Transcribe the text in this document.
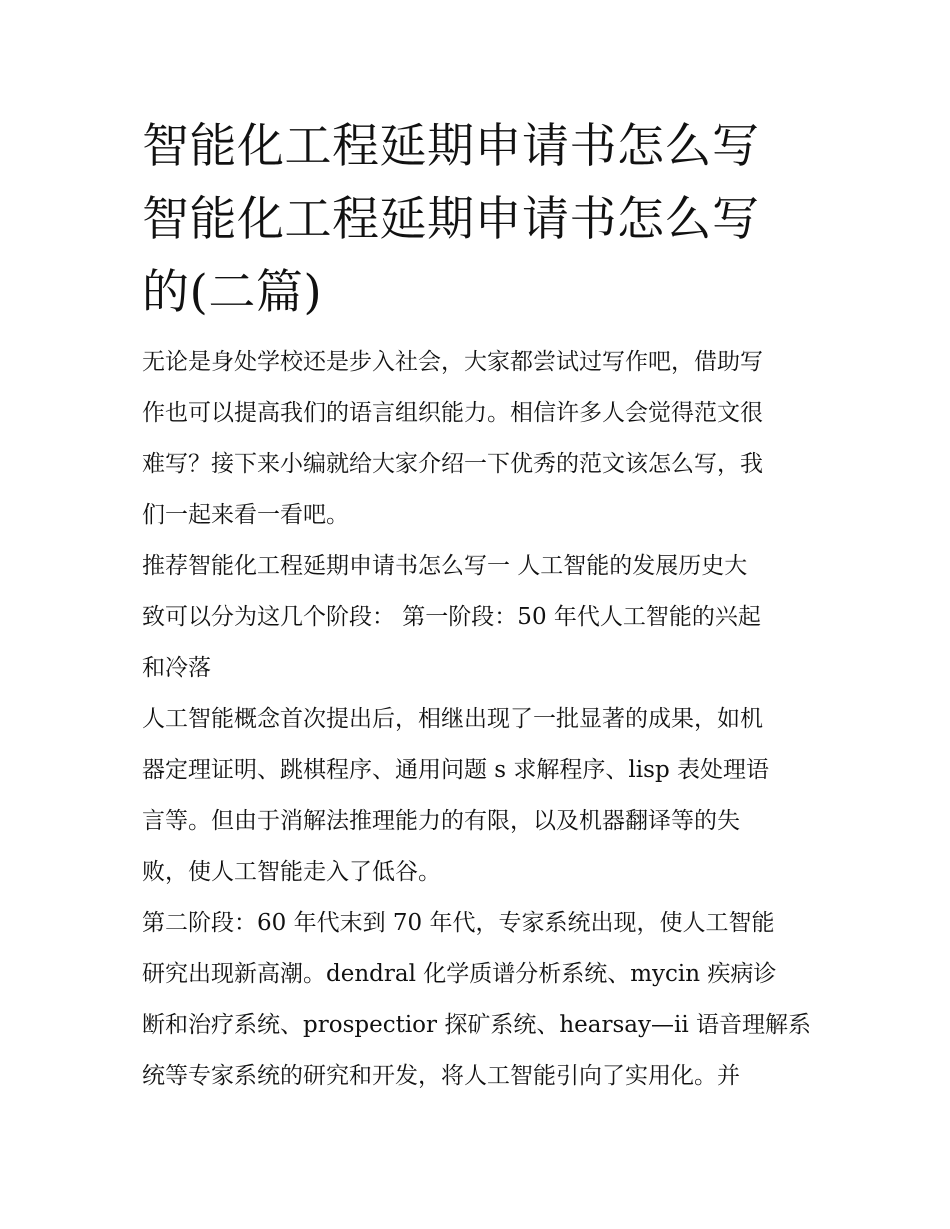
智能化工程延期申请书怎么写
智能化工程延期申请书怎么写
的(二篇)
无论是身处学校还是步入社会，大家都尝试过写作吧，借助写
作也可以提高我们的语言组织能力。相信许多人会觉得范文很
难写？接下来小编就给大家介绍一下优秀的范文该怎么写，我
们一起来看一看吧。
推荐智能化工程延期申请书怎么写一 人工智能的发展历史大
致可以分为这几个阶段： 第一阶段：50 年代人工智能的兴起
和冷落
人工智能概念首次提出后，相继出现了一批显著的成果，如机
器定理证明、跳棋程序、通用问题 s 求解程序、lisp 表处理语
言等。但由于消解法推理能力的有限，以及机器翻译等的失
败，使人工智能走入了低谷。
第二阶段：60 年代末到 70 年代，专家系统出现，使人工智能
研究出现新高潮。dendral 化学质谱分析系统、mycin 疾病诊
断和治疗系统、prospectior 探矿系统、hearsay—ii 语音理解系
统等专家系统的研究和开发，将人工智能引向了实用化。并
